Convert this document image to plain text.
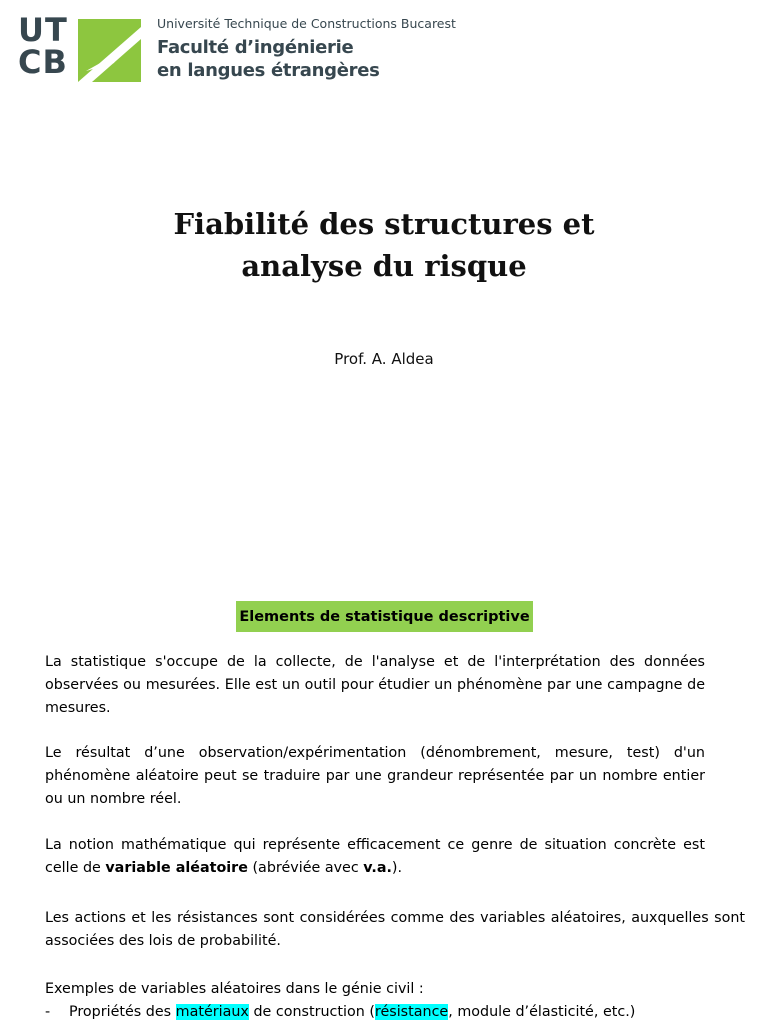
UT
CB
Université Technique de Constructions Bucarest
Faculté d’ingénierie
en langues étrangères
Fiabilité des structures et
analyse du risque
Prof. A. Aldea
Elements de statistique descriptive
La statistique s'occupe de la collecte, de l'analyse et de l'interprétation des données observées ou mesurées. Elle est un outil pour étudier un phénomène par une campagne de mesures.
Le résultat d’une observation/expérimentation (dénombrement, mesure, test) d'un phénomène aléatoire peut se traduire par une grandeur représentée par un nombre entier ou un nombre réel.
La notion mathématique qui représente efficacement ce genre de situation concrète est celle de variable aléatoire (abréviée avec v.a.).
Les actions et les résistances sont considérées comme des variables aléatoires, auxquelles sont associées des lois de probabilité.
Exemples de variables aléatoires dans le génie civil :
- Propriétés des matériaux de construction (résistance, module d’élasticité, etc.)
